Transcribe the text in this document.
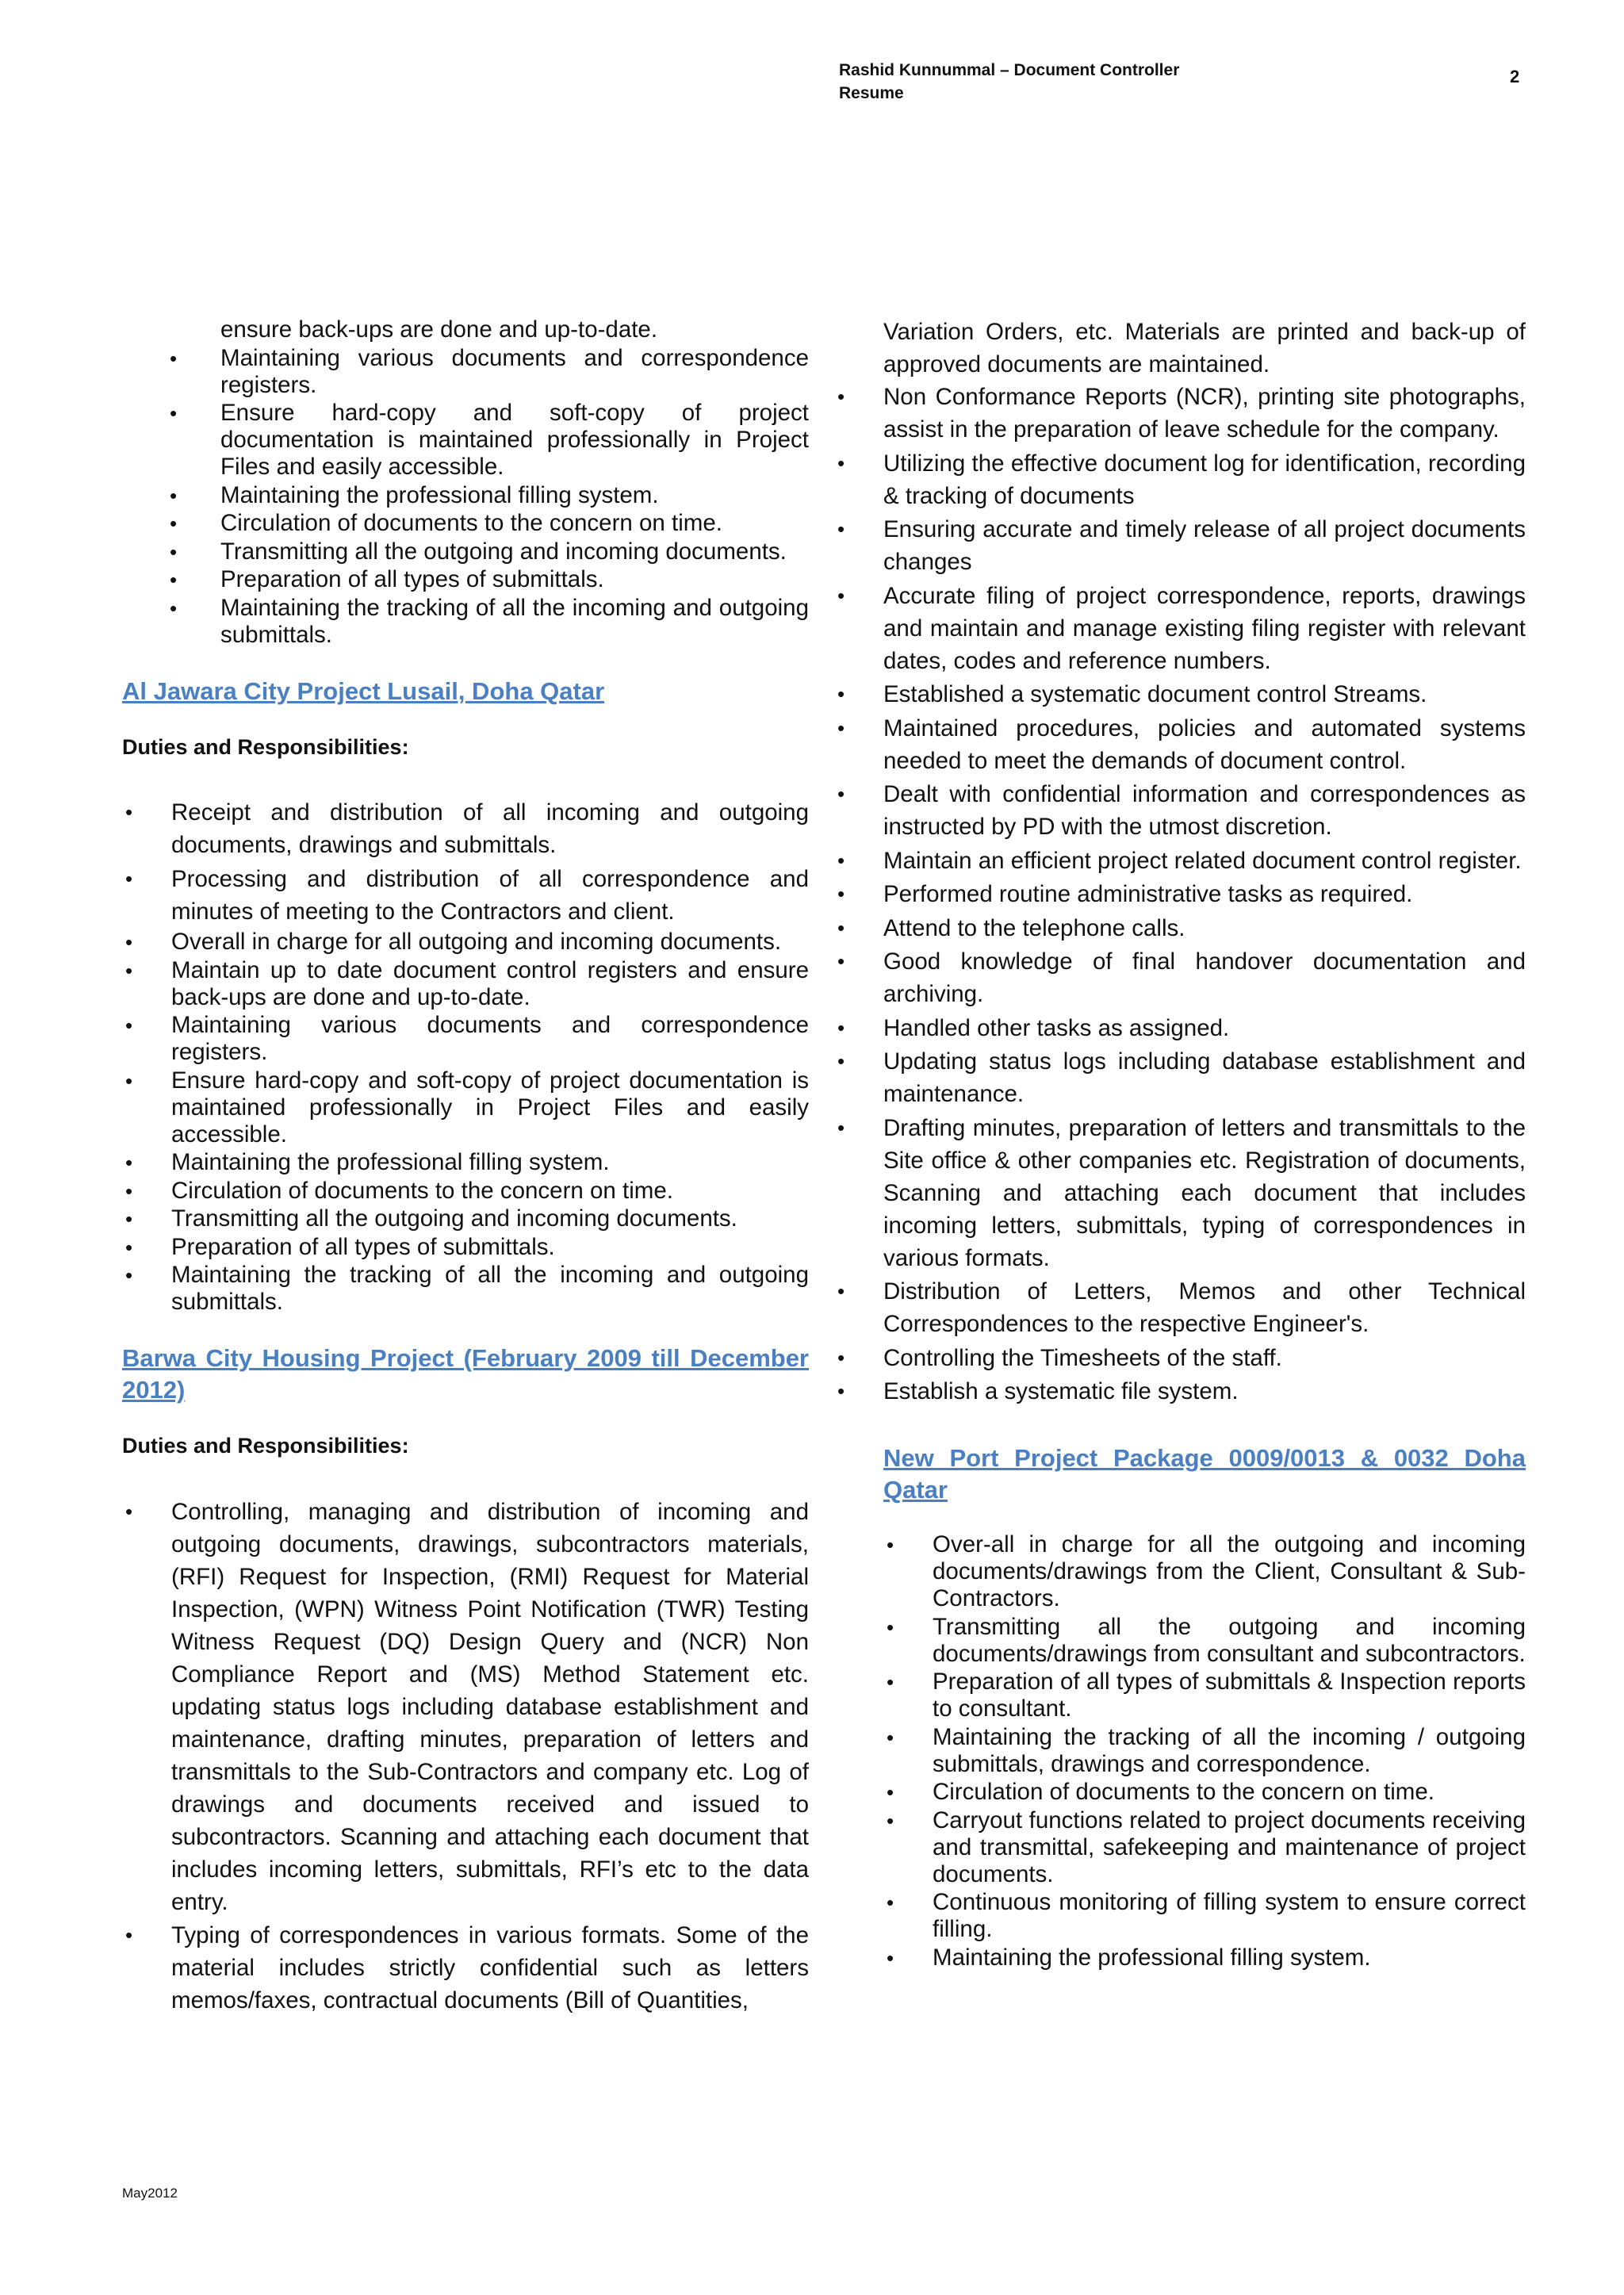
Rashid Kunnummal – Document Controller
Resume
2
ensure back-ups are done and up-to-date.
• Maintaining various documents and correspondence registers.
• Ensure hard-copy and soft-copy of project documentation is maintained professionally in Project Files and easily accessible.
• Maintaining the professional filling system.
• Circulation of documents to the concern on time.
• Transmitting all the outgoing and incoming documents.
• Preparation of all types of submittals.
• Maintaining the tracking of all the incoming and outgoing submittals.
Al Jawara City Project Lusail, Doha Qatar
Duties and Responsibilities:
• Receipt and distribution of all incoming and outgoing documents, drawings and submittals.
• Processing and distribution of all correspondence and minutes of meeting to the Contractors and client.
• Overall in charge for all outgoing and incoming documents.
• Maintain up to date document control registers and ensure back-ups are done and up-to-date.
• Maintaining various documents and correspondence registers.
• Ensure hard-copy and soft-copy of project documentation is maintained professionally in Project Files and easily accessible.
• Maintaining the professional filling system.
• Circulation of documents to the concern on time.
• Transmitting all the outgoing and incoming documents.
• Preparation of all types of submittals.
• Maintaining the tracking of all the incoming and outgoing submittals.
Barwa City Housing Project (February 2009 till December 2012)
Duties and Responsibilities:
• Controlling, managing and distribution of incoming and outgoing documents, drawings, subcontractors materials, (RFI) Request for Inspection, (RMI) Request for Material Inspection, (WPN) Witness Point Notification (TWR) Testing Witness Request (DQ) Design Query and (NCR) Non Compliance Report and (MS) Method Statement etc. updating status logs including database establishment and maintenance, drafting minutes, preparation of letters and transmittals to the Sub-Contractors and company etc. Log of drawings and documents received and issued to subcontractors. Scanning and attaching each document that includes incoming letters, submittals, RFI’s etc to the data entry.
• Typing of correspondences in various formats. Some of the material includes strictly confidential such as letters memos/faxes, contractual documents (Bill of Quantities,
Variation Orders, etc. Materials are printed and back-up of approved documents are maintained.
• Non Conformance Reports (NCR), printing site photographs, assist in the preparation of leave schedule for the company.
• Utilizing the effective document log for identification, recording & tracking of documents
• Ensuring accurate and timely release of all project documents changes
• Accurate filing of project correspondence, reports, drawings and maintain and manage existing filing register with relevant dates, codes and reference numbers.
• Established a systematic document control Streams.
• Maintained procedures, policies and automated systems needed to meet the demands of document control.
• Dealt with confidential information and correspondences as instructed by PD with the utmost discretion.
• Maintain an efficient project related document control register.
• Performed routine administrative tasks as required.
• Attend to the telephone calls.
• Good knowledge of final handover documentation and archiving.
• Handled other tasks as assigned.
• Updating status logs including database establishment and maintenance.
• Drafting minutes, preparation of letters and transmittals to the Site office & other companies etc. Registration of documents, Scanning and attaching each document that includes incoming letters, submittals, typing of correspondences in various formats.
• Distribution of Letters, Memos and other Technical Correspondences to the respective Engineer's.
• Controlling the Timesheets of the staff.
• Establish a systematic file system.
New Port Project Package 0009/0013 & 0032 Doha Qatar
• Over-all in charge for all the outgoing and incoming documents/drawings from the Client, Consultant & Sub-Contractors.
• Transmitting all the outgoing and incoming documents/drawings from consultant and subcontractors.
• Preparation of all types of submittals & Inspection reports to consultant.
• Maintaining the tracking of all the incoming / outgoing submittals, drawings and correspondence.
• Circulation of documents to the concern on time.
• Carryout functions related to project documents receiving and transmittal, safekeeping and maintenance of project documents.
• Continuous monitoring of filling system to ensure correct filling.
• Maintaining the professional filling system.
May2012
